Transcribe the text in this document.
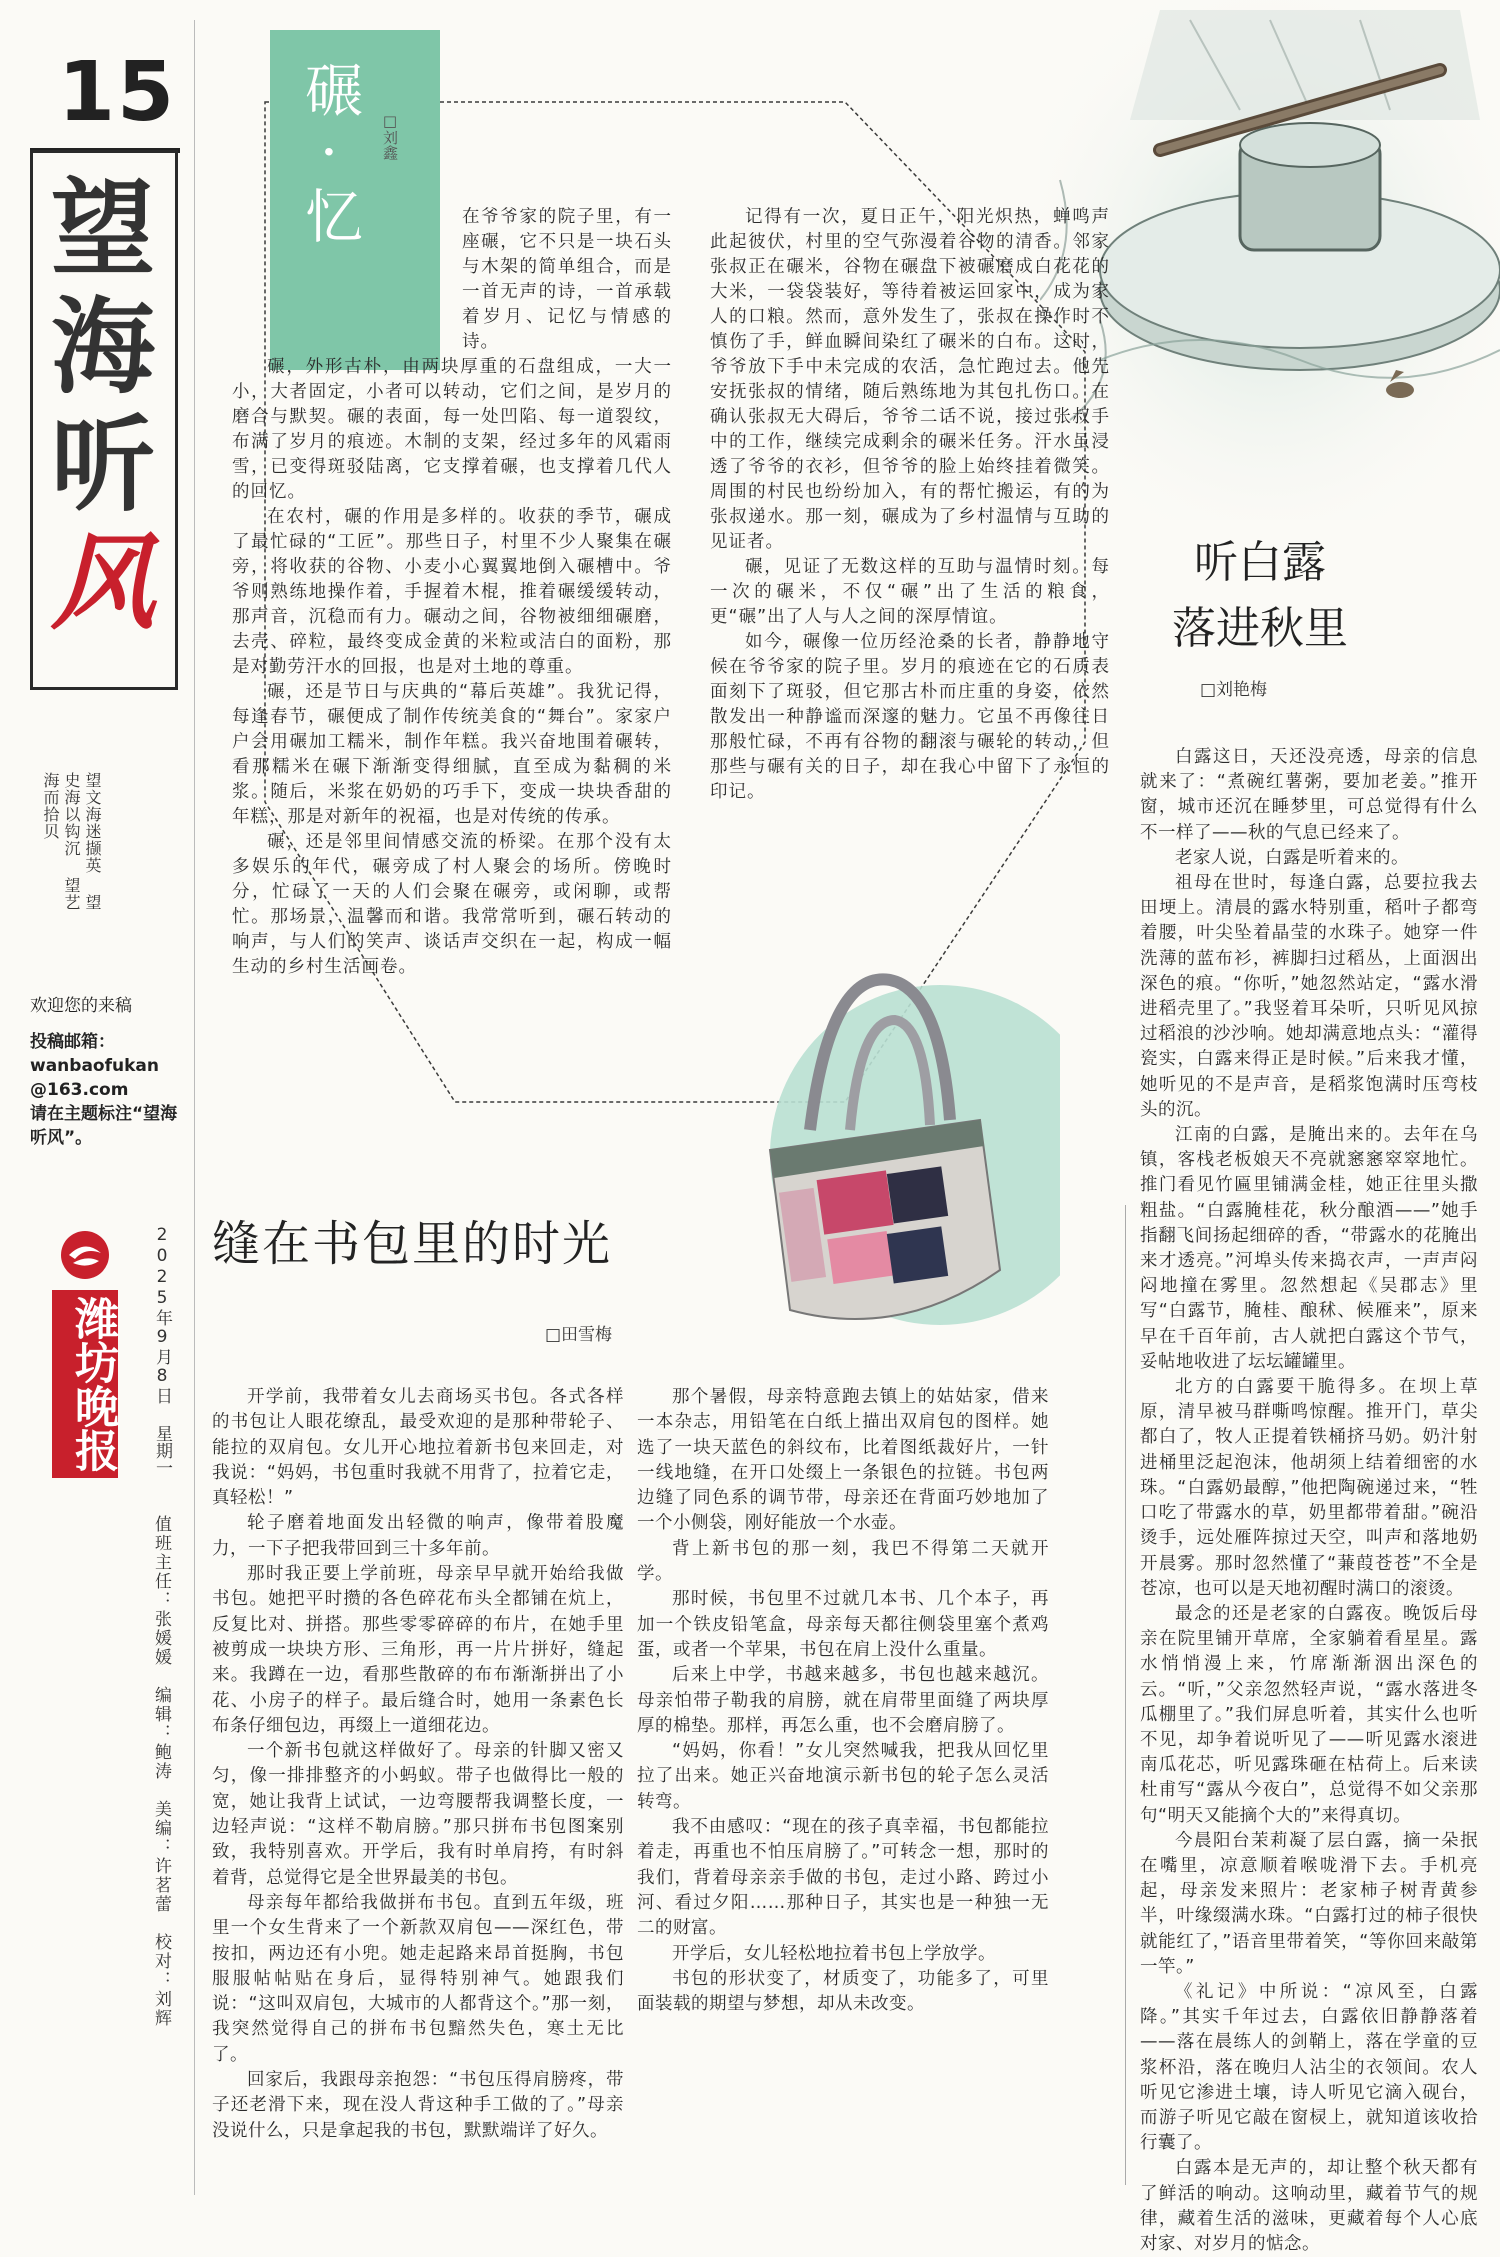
15
望
海
听
风
望文海迷撷英 望史海以钩沉 望艺海而拾贝
欢迎您的来稿
投稿邮箱：
wanbaofukan
@163.com
请在主题标注“望海听风”。
潍坊晚报 2025年9月8日
星期一
值班主任：张媛媛　编辑：鲍涛　美编：许茗蕾　校对：刘辉
碾·忆	□刘鑫

在爷爷家的院子里，有一座碾，它不只是一块石头与木架的简单组合，而是一首无声的诗，一首承载着岁月、记忆与情感的诗。

碾，外形古朴，由两块厚重的石盘组成，一大一小，大者固定，小者可以转动，它们之间，是岁月的磨合与默契。碾的表面，每一处凹陷、每一道裂纹，布满了岁月的痕迹。木制的支架，经过多年的风霜雨雪，已变得斑驳陆离，它支撑着碾，也支撑着几代人的回忆。

在农村，碾的作用是多样的。收获的季节，碾成了最忙碌的“工匠”。那些日子，村里不少人聚集在碾旁，将收获的谷物、小麦小心翼翼地倒入碾槽中。爷爷则熟练地操作着，手握着木棍，推着碾缓缓转动，那声音，沉稳而有力。碾动之间，谷物被细细碾磨，去壳、碎粒，最终变成金黄的米粒或洁白的面粉，那是对勤劳汗水的回报，也是对土地的尊重。

碾，还是节日与庆典的“幕后英雄”。我犹记得，每逢春节，碾便成了制作传统美食的“舞台”。家家户户会用碾加工糯米，制作年糕。我兴奋地围着碾转，看那糯米在碾下渐渐变得细腻，直至成为黏稠的米浆。随后，米浆在奶奶的巧手下，变成一块块香甜的年糕，那是对新年的祝福，也是对传统的传承。

碾，还是邻里间情感交流的桥梁。在那个没有太多娱乐的年代，碾旁成了村人聚会的场所。傍晚时分，忙碌了一天的人们会聚在碾旁，或闲聊，或帮忙。那场景，温馨而和谐。我常常听到，碾石转动的响声，与人们的笑声、谈话声交织在一起，构成一幅生动的乡村生活画卷。

记得有一次，夏日正午，阳光炽热，蝉鸣声此起彼伏，村里的空气弥漫着谷物的清香。邻家张叔正在碾米，谷物在碾盘下被碾磨成白花花的大米，一袋袋装好，等待着被运回家中，成为家人的口粮。然而，意外发生了，张叔在操作时不慎伤了手，鲜血瞬间染红了碾米的白布。这时，爷爷放下手中未完成的农活，急忙跑过去。他先安抚张叔的情绪，随后熟练地为其包扎伤口。在确认张叔无大碍后，爷爷二话不说，接过张叔手中的工作，继续完成剩余的碾米任务。汗水虽浸透了爷爷的衣衫，但爷爷的脸上始终挂着微笑。周围的村民也纷纷加入，有的帮忙搬运，有的为张叔递水。那一刻，碾成为了乡村温情与互助的见证者。

碾，见证了无数这样的互助与温情时刻。每一次的碾米，不仅“碾”出了生活的粮食，更“碾”出了人与人之间的深厚情谊。

如今，碾像一位历经沧桑的长者，静静地守候在爷爷家的院子里。岁月的痕迹在它的石质表面刻下了斑驳，但它那古朴而庄重的身姿，依然散发出一种静谧而深邃的魅力。它虽不再像往日那般忙碌，不再有谷物的翻滚与碾轮的转动，但那些与碾有关的日子，却在我心中留下了永恒的印记。

听白露
落进秋里
□刘艳梅

白露这日，天还没亮透，母亲的信息就来了：“煮碗红薯粥，要加老姜。”推开窗，城市还沉在睡梦里，可总觉得有什么不一样了——秋的气息已经来了。

老家人说，白露是听着来的。

祖母在世时，每逢白露，总要拉我去田埂上。清晨的露水特别重，稻叶子都弯着腰，叶尖坠着晶莹的水珠子。她穿一件洗薄的蓝布衫，裤脚扫过稻丛，上面洇出深色的痕。“你听，”她忽然站定，“露水滑进稻壳里了。”我竖着耳朵听，只听见风掠过稻浪的沙沙响。她却满意地点头：“灌得瓷实，白露来得正是时候。”后来我才懂，她听见的不是声音，是稻浆饱满时压弯枝头的沉。

江南的白露，是腌出来的。去年在乌镇，客栈老板娘天不亮就窸窸窣窣地忙。推门看见竹匾里铺满金桂，她正往里头撒粗盐。“白露腌桂花，秋分酿酒——”她手指翻飞间扬起细碎的香，“带露水的花腌出来才透亮。”河埠头传来捣衣声，一声声闷闷地撞在雾里。忽然想起《吴郡志》里写“白露节，腌桂、酿秫、候雁来”，原来早在千百年前，古人就把白露这个节气，妥帖地收进了坛坛罐罐里。

北方的白露要干脆得多。在坝上草原，清早被马群嘶鸣惊醒。推开门，草尖都白了，牧人正提着铁桶挤马奶。奶汁射进桶里泛起泡沫，他胡须上结着细密的水珠。“白露奶最醇，”他把陶碗递过来，“牲口吃了带露水的草，奶里都带着甜。”碗沿烫手，远处雁阵掠过天空，叫声和落地奶开晨雾。那时忽然懂了“蒹葭苍苍”不全是苍凉，也可以是天地初醒时满口的滚烫。

最念的还是老家的白露夜。晚饭后母亲在院里铺开草席，全家躺着看星星。露水悄悄漫上来，竹席渐渐洇出深色的云。“听，”父亲忽然轻声说，“露水落进冬瓜棚里了。”我们屏息听着，其实什么也听不见，却争着说听见了——听见露水滚进南瓜花芯，听见露珠砸在枯荷上。后来读杜甫写“露从今夜白”，总觉得不如父亲那句“明天又能摘个大的”来得真切。

今晨阳台茉莉凝了层白露，摘一朵抿在嘴里，凉意顺着喉咙滑下去。手机亮起，母亲发来照片：老家柿子树青黄参半，叶缘缀满水珠。“白露打过的柿子很快就能红了，”语音里带着笑，“等你回来敲第一竿。”

《礼记》中所说：“凉风至，白露降。”其实千年过去，白露依旧静静落着——落在晨练人的剑鞘上，落在学童的豆浆杯沿，落在晚归人沾尘的衣领间。农人听见它渗进土壤，诗人听见它滴入砚台，而游子听见它敲在窗棂上，就知道该收拾行囊了。

白露本是无声的，却让整个秋天都有了鲜活的响动。这响动里，藏着节气的规律，藏着生活的滋味，更藏着每个人心底对家、对岁月的惦念。

缝在书包里的时光
□田雪梅

开学前，我带着女儿去商场买书包。各式各样的书包让人眼花缭乱，最受欢迎的是那种带轮子、能拉的双肩包。女儿开心地拉着新书包来回走，对我说：“妈妈，书包重时我就不用背了，拉着它走，真轻松！”

轮子磨着地面发出轻微的响声，像带着股魔力，一下子把我带回到三十多年前。

那时我正要上学前班，母亲早早就开始给我做书包。她把平时攒的各色碎花布头全都铺在炕上，反复比对、拼搭。那些零零碎碎的布片，在她手里被剪成一块块方形、三角形，再一片片拼好，缝起来。我蹲在一边，看那些散碎的布布渐渐拼出了小花、小房子的样子。最后缝合时，她用一条素色长布条仔细包边，再缀上一道细花边。

一个新书包就这样做好了。母亲的针脚又密又匀，像一排排整齐的小蚂蚁。带子也做得比一般的宽，她让我背上试试，一边弯腰帮我调整长度，一边轻声说：“这样不勒肩膀。”那只拼布书包图案别致，我特别喜欢。开学后，我有时单肩挎，有时斜着背，总觉得它是全世界最美的书包。

母亲每年都给我做拼布书包。直到五年级，班里一个女生背来了一个新款双肩包——深红色，带按扣，两边还有小兜。她走起路来昂首挺胸，书包服服帖帖贴在身后，显得特别神气。她跟我们说：“这叫双肩包，大城市的人都背这个。”那一刻，我突然觉得自己的拼布书包黯然失色，寒土无比了。

回家后，我跟母亲抱怨：“书包压得肩膀疼，带子还老滑下来，现在没人背这种手工做的了。”母亲没说什么，只是拿起我的书包，默默端详了好久。

那个暑假，母亲特意跑去镇上的姑姑家，借来一本杂志，用铅笔在白纸上描出双肩包的图样。她选了一块天蓝色的斜纹布，比着图纸裁好片，一针一线地缝，在开口处缀上一条银色的拉链。书包两边缝了同色系的调节带，母亲还在背面巧妙地加了一个小侧袋，刚好能放一个水壶。

背上新书包的那一刻，我巴不得第二天就开学。

那时候，书包里不过就几本书、几个本子，再加一个铁皮铅笔盒，母亲每天都往侧袋里塞个煮鸡蛋，或者一个苹果，书包在肩上没什么重量。

后来上中学，书越来越多，书包也越来越沉。母亲怕带子勒我的肩膀，就在肩带里面缝了两块厚厚的棉垫。那样，再怎么重，也不会磨肩膀了。

“妈妈，你看！”女儿突然喊我，把我从回忆里拉了出来。她正兴奋地演示新书包的轮子怎么灵活转弯。

我不由感叹：“现在的孩子真幸福，书包都能拉着走，再重也不怕压肩膀了。”可转念一想，那时的我们，背着母亲亲手做的书包，走过小路、跨过小河、看过夕阳……那种日子，其实也是一种独一无二的财富。

开学后，女儿轻松地拉着书包上学放学。

书包的形状变了，材质变了，功能多了，可里面装载的期望与梦想，却从未改变。
